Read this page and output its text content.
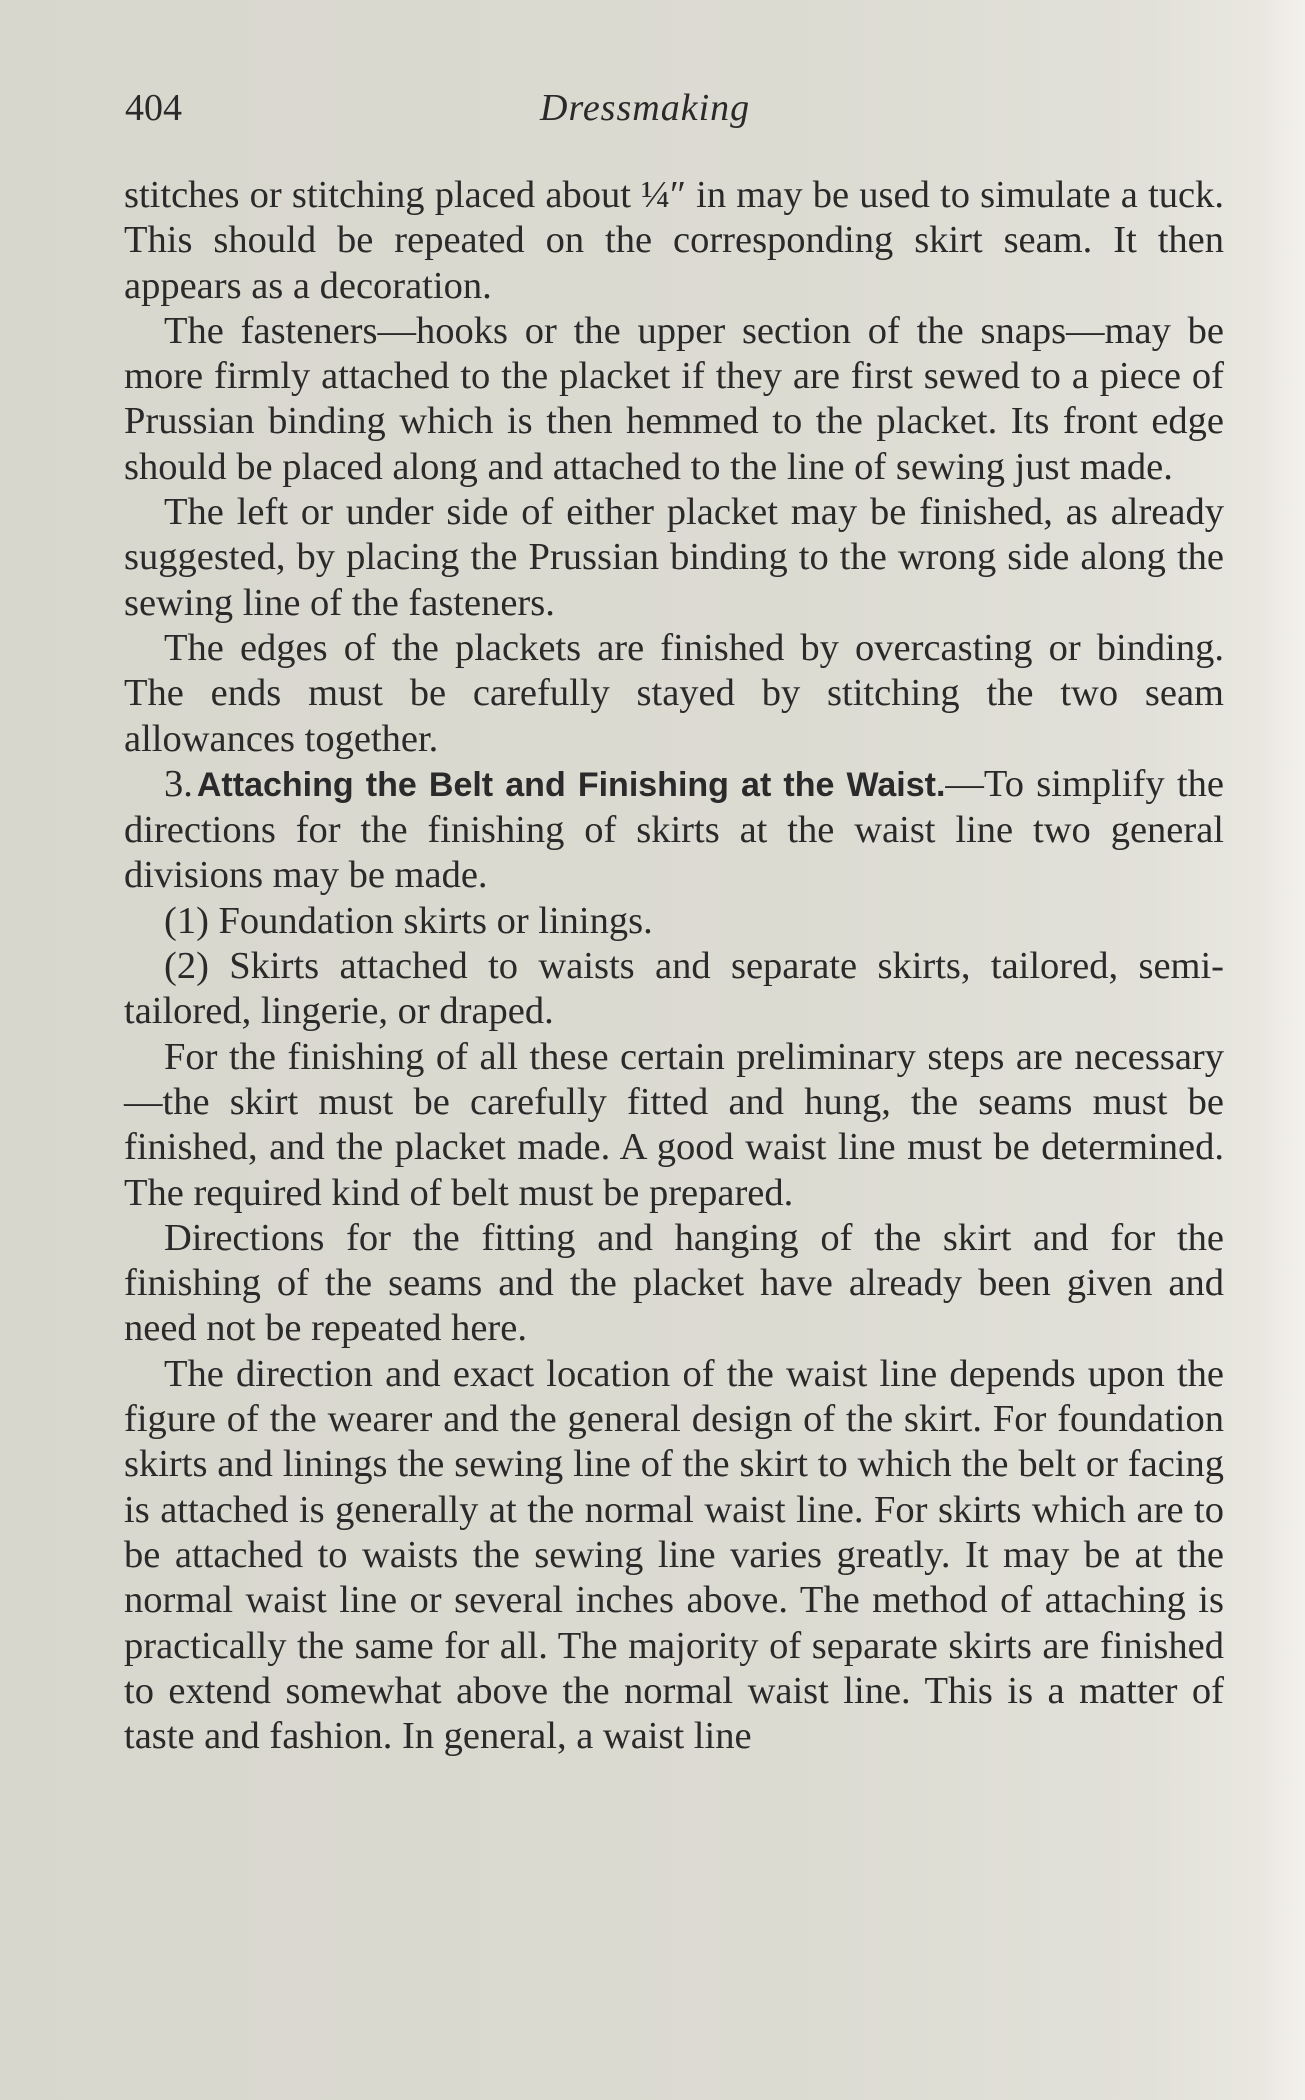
404	Dressmaking

stitches or stitching placed about ¼″ in may be used to simulate a tuck. This should be repeated on the corresponding skirt seam. It then appears as a decoration.

The fasteners—hooks or the upper section of the snaps—may be more firmly attached to the placket if they are first sewed to a piece of Prussian binding which is then hemmed to the placket. Its front edge should be placed along and attached to the line of sewing just made.

The left or under side of either placket may be finished, as already suggested, by placing the Prussian binding to the wrong side along the sewing line of the fasteners.

The edges of the plackets are finished by overcasting or binding. The ends must be carefully stayed by stitching the two seam allowances together.

3. Attaching the Belt and Finishing at the Waist.—To simplify the directions for the finishing of skirts at the waist line two general divisions may be made.

(1) Foundation skirts or linings.

(2) Skirts attached to waists and separate skirts, tailored, semi-tailored, lingerie, or draped.

For the finishing of all these certain preliminary steps are necessary—the skirt must be carefully fitted and hung, the seams must be finished, and the placket made. A good waist line must be determined. The required kind of belt must be prepared.

Directions for the fitting and hanging of the skirt and for the finishing of the seams and the placket have already been given and need not be repeated here.

The direction and exact location of the waist line depends upon the figure of the wearer and the general design of the skirt. For foundation skirts and linings the sewing line of the skirt to which the belt or facing is attached is generally at the normal waist line. For skirts which are to be attached to waists the sewing line varies greatly. It may be at the normal waist line or several inches above. The method of attaching is practically the same for all. The majority of separate skirts are finished to extend somewhat above the normal waist line. This is a matter of taste and fashion. In general, a waist line
